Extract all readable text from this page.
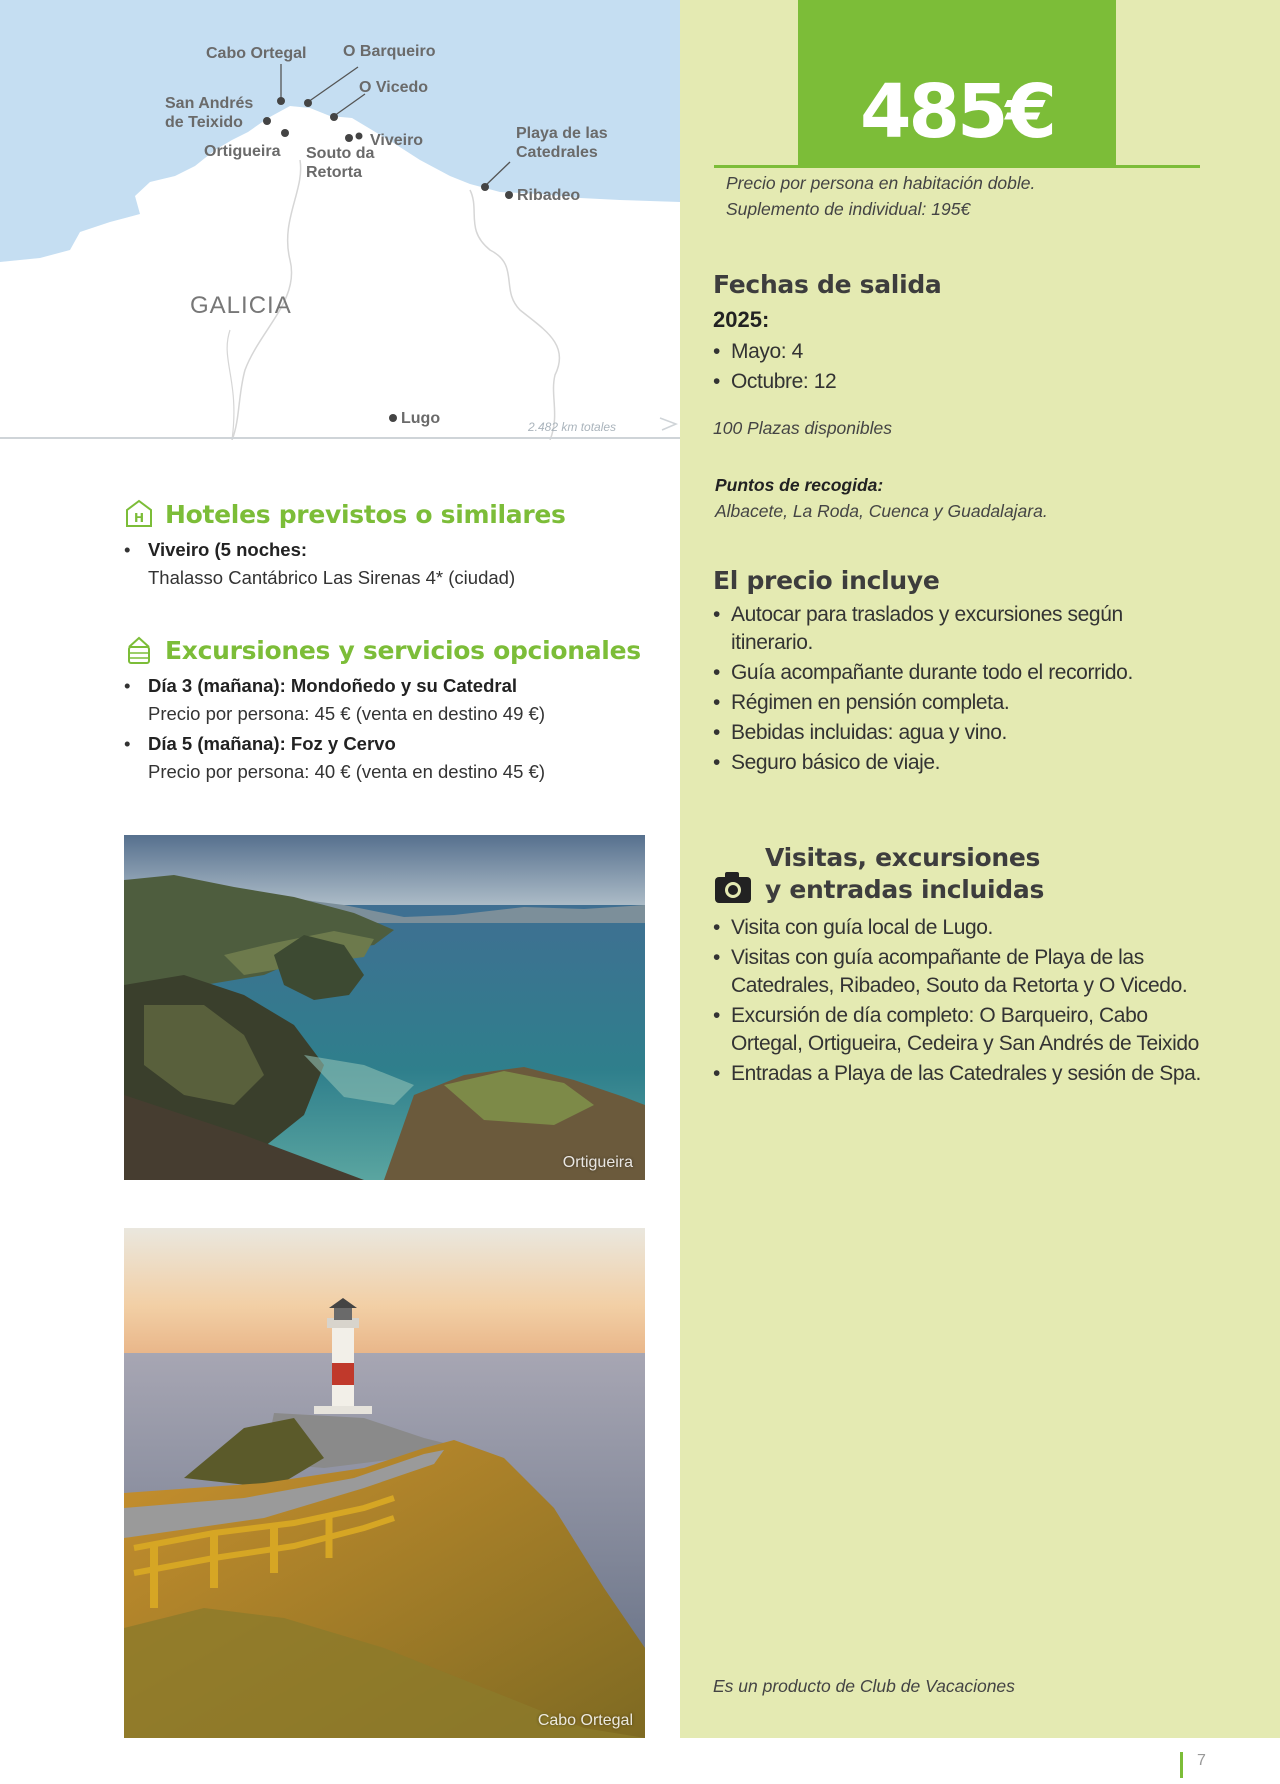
Cabo Ortegal O Barqueiro
O Vicedo
San Andrés
de Teixido
Ortigueira
Viveiro
Souto da
Retorta
Playa de las
Catedrales
Ribadeo
Lugo
GALICIA
2.482 km totales
H Hoteles previstos o similares
• Viveiro (5 noches:
Thalasso Cantábrico Las Sirenas 4* (ciudad)
Excursiones y servicios opcionales
• Día 3 (mañana): Mondoñedo y su Catedral
Precio por persona: 45 € (venta en destino 49 €)
• Día 5 (mañana): Foz y Cervo
Precio por persona: 40 € (venta en destino 45 €)
Ortigueira
Cabo Ortegal
485€
Precio por persona en habitación doble.
Suplemento de individual: 195€
Fechas de salida
2025:
• Mayo: 4
• Octubre: 12
100 Plazas disponibles
Puntos de recogida:
Albacete, La Roda, Cuenca y Guadalajara.
El precio incluye
• Autocar para traslados y excursiones según itinerario.
• Guía acompañante durante todo el recorrido.
• Régimen en pensión completa.
• Bebidas incluidas: agua y vino.
• Seguro básico de viaje.
Visitas, excursiones
y entradas incluidas
• Visita con guía local de Lugo.
• Visitas con guía acompañante de Playa de las Catedrales, Ribadeo, Souto da Retorta y O Vicedo.
• Excursión de día completo: O Barqueiro, Cabo Ortegal, Ortigueira, Cedeira y San Andrés de Teixido
• Entradas a Playa de las Catedrales y sesión de Spa.
Es un producto de Club de Vacaciones
7
